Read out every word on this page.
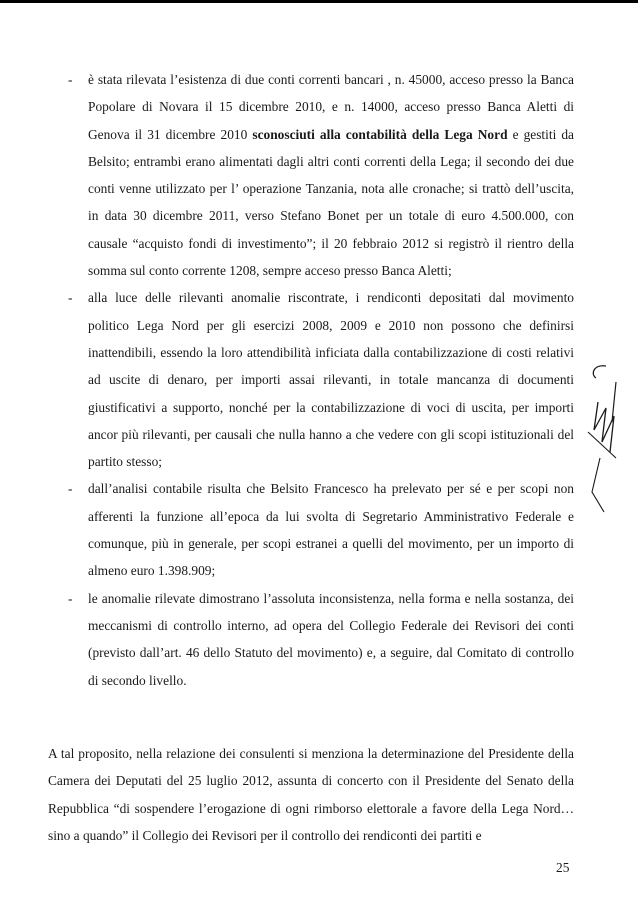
- è stata rilevata l’esistenza di due conti correnti bancari , n. 45000, acceso presso la Banca Popolare di Novara il 15 dicembre 2010, e n. 14000, acceso presso Banca Aletti di Genova il 31 dicembre 2010 sconosciuti alla contabilità della Lega Nord e gestiti da Belsito; entrambi erano alimentati dagli altri conti correnti della Lega; il secondo dei due conti venne utilizzato per l’ operazione Tanzania, nota alle cronache; si trattò dell’uscita, in data 30 dicembre 2011, verso Stefano Bonet per un totale di euro 4.500.000, con causale “acquisto fondi di investimento”; il 20 febbraio 2012 si registrò il rientro della somma sul conto corrente 1208, sempre acceso presso Banca Aletti;
- alla luce delle rilevanti anomalie riscontrate, i rendiconti depositati dal movimento politico Lega Nord per gli esercizi 2008, 2009 e 2010 non possono che definirsi inattendibili, essendo la loro attendibilità inficiata dalla contabilizzazione di costi relativi ad uscite di denaro, per importi assai rilevanti, in totale mancanza di documenti giustificativi a supporto, nonché per la contabilizzazione di voci di uscita, per importi ancor più rilevanti, per causali che nulla hanno a che vedere con gli scopi istituzionali del partito stesso;
- dall’analisi contabile risulta che Belsito Francesco ha prelevato per sé e per scopi non afferenti la funzione all’epoca da lui svolta di Segretario Amministrativo Federale e comunque, più in generale, per scopi estranei a quelli del movimento, per un importo di almeno euro 1.398.909;
- le anomalie rilevate dimostrano l’assoluta inconsistenza, nella forma e nella sostanza, dei meccanismi di controllo interno, ad opera del Collegio Federale dei Revisori dei conti (previsto dall’art. 46 dello Statuto del movimento) e, a seguire, dal Comitato di controllo di secondo livello.

A tal proposito, nella relazione dei consulenti si menziona la determinazione del Presidente della Camera dei Deputati del 25 luglio 2012, assunta di concerto con il Presidente del Senato della Repubblica “di sospendere l’erogazione di ogni rimborso elettorale a favore della Lega Nord…sino a quando” il Collegio dei Revisori per il controllo dei rendiconti dei partiti e

25
